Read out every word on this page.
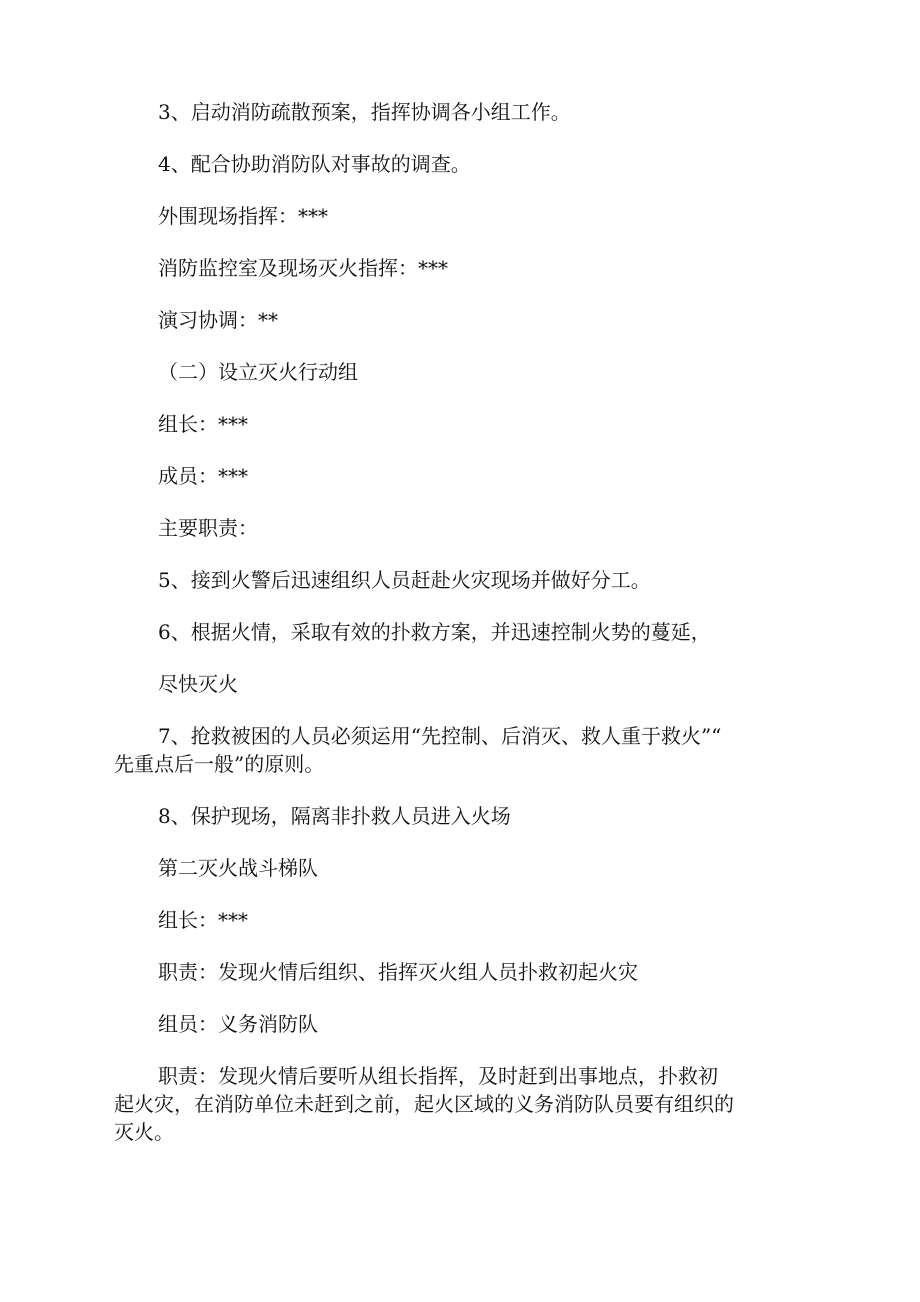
3、启动消防疏散预案，指挥协调各小组工作。

4、配合协助消防队对事故的调查。

外围现场指挥：***

消防监控室及现场灭火指挥：***

演习协调：**

（二）设立灭火行动组

组长：***

成员：***

主要职责：

5、接到火警后迅速组织人员赶赴火灾现场并做好分工。

6、根据火情，采取有效的扑救方案，并迅速控制火势的蔓延，

尽快灭火

7、抢救被困的人员必须运用“先控制、后消灭、救人重于救火”“
先重点后一般”的原则。

8、保护现场，隔离非扑救人员进入火场

第二灭火战斗梯队

组长：***

职责：发现火情后组织、指挥灭火组人员扑救初起火灾

组员：义务消防队

职责：发现火情后要听从组长指挥，及时赶到出事地点，扑救初
起火灾，在消防单位未赶到之前，起火区域的义务消防队员要有组织的
灭火。
